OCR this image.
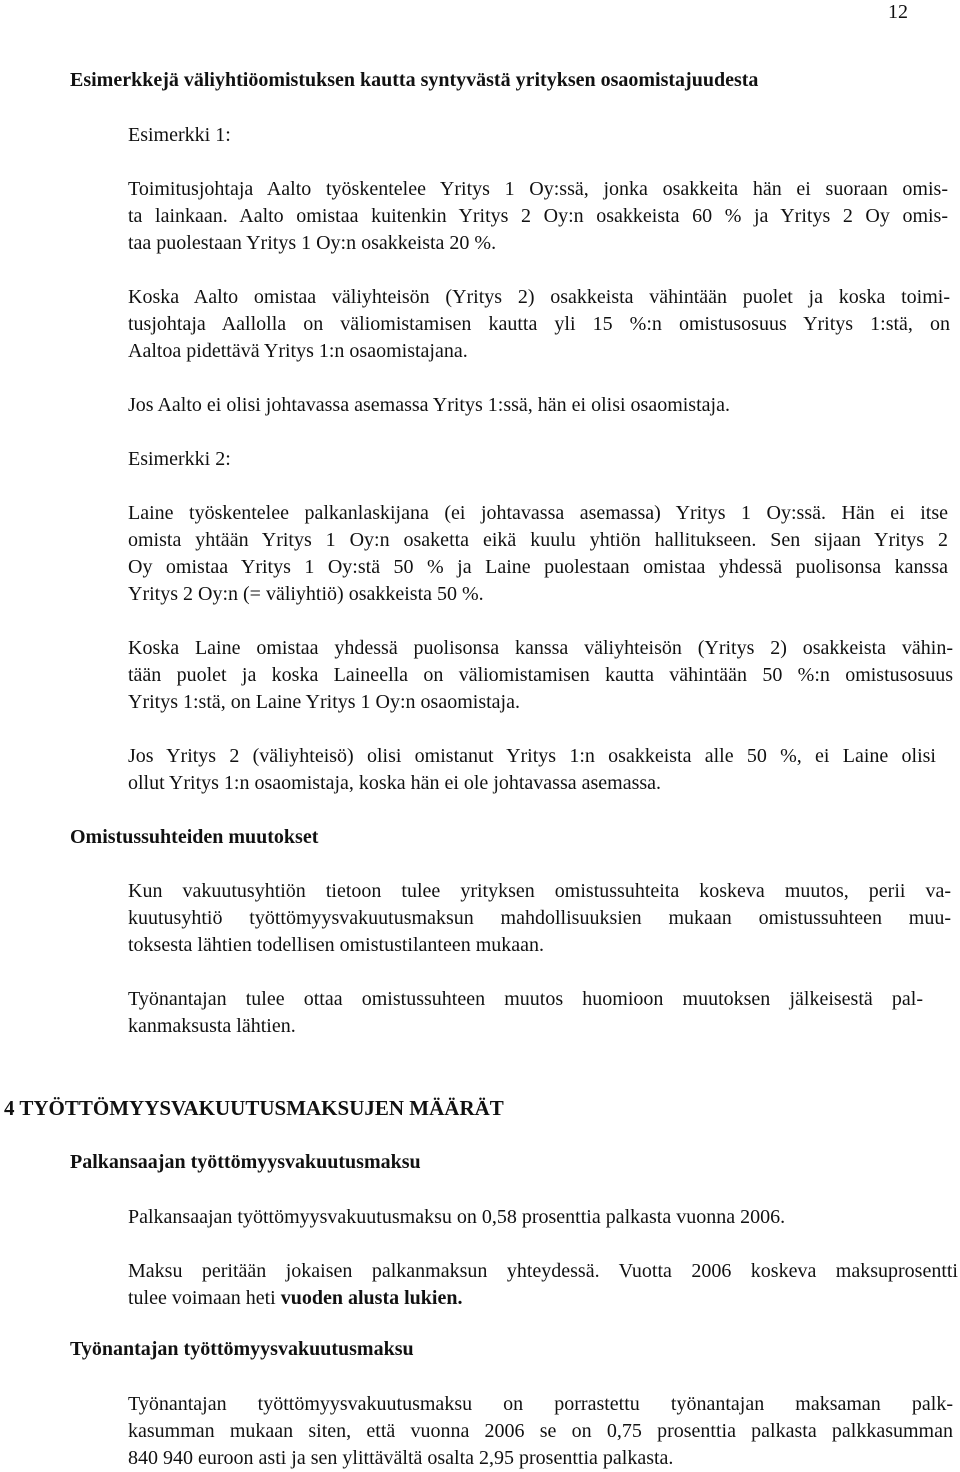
12
Esimerkkejä väliyhtiöomistuksen kautta syntyvästä yrityksen osaomistajuudesta
Esimerkki 1:
Toimitusjohtaja Aalto työskentelee Yritys 1 Oy:ssä, jonka osakkeita hän ei suoraan omis-
ta lainkaan. Aalto omistaa kuitenkin Yritys 2 Oy:n osakkeista 60 % ja Yritys 2 Oy omis-
taa puolestaan Yritys 1 Oy:n osakkeista 20 %.
Koska Aalto omistaa väliyhteisön (Yritys 2) osakkeista vähintään puolet ja koska toimi-
tusjohtaja Aallolla on väliomistamisen kautta yli 15 %:n omistusosuus Yritys 1:stä, on
Aaltoa pidettävä Yritys 1:n osaomistajana.
Jos Aalto ei olisi johtavassa asemassa Yritys 1:ssä, hän ei olisi osaomistaja.
Esimerkki 2:
Laine työskentelee palkanlaskijana (ei johtavassa asemassa) Yritys 1 Oy:ssä. Hän ei itse
omista yhtään Yritys 1 Oy:n osaketta eikä kuulu yhtiön hallitukseen. Sen sijaan Yritys 2
Oy omistaa Yritys 1 Oy:stä 50 % ja Laine puolestaan omistaa yhdessä puolisonsa kanssa
Yritys 2 Oy:n (= väliyhtiö) osakkeista 50 %.
Koska Laine omistaa yhdessä puolisonsa kanssa väliyhteisön (Yritys 2) osakkeista vähin-
tään puolet ja koska Laineella on väliomistamisen kautta vähintään 50 %:n omistusosuus
Yritys 1:stä, on Laine Yritys 1 Oy:n osaomistaja.
Jos Yritys 2 (väliyhteisö) olisi omistanut Yritys 1:n osakkeista alle 50 %, ei Laine olisi
ollut Yritys 1:n osaomistaja, koska hän ei ole johtavassa asemassa.
Omistussuhteiden muutokset
Kun vakuutusyhtiön tietoon tulee yrityksen omistussuhteita koskeva muutos, perii va-
kuutusyhtiö työttömyysvakuutusmaksun mahdollisuuksien mukaan omistussuhteen muu-
toksesta lähtien todellisen omistustilanteen mukaan.
Työnantajan tulee ottaa omistussuhteen muutos huomioon muutoksen jälkeisestä pal-
kanmaksusta lähtien.
4 TYÖTTÖMYYSVAKUUTUSMAKSUJEN MÄÄRÄT
Palkansaajan työttömyysvakuutusmaksu
Palkansaajan työttömyysvakuutusmaksu on 0,58 prosenttia palkasta vuonna 2006.
Maksu peritään jokaisen palkanmaksun yhteydessä. Vuotta 2006 koskeva maksuprosentti
tulee voimaan heti vuoden alusta lukien.
Työnantajan työttömyysvakuutusmaksu
Työnantajan työttömyysvakuutusmaksu on porrastettu työnantajan maksaman palk-
kasumman mukaan siten, että vuonna 2006 se on 0,75 prosenttia palkasta palkkasumman
840 940 euroon asti ja sen ylittävältä osalta 2,95 prosenttia palkasta.
